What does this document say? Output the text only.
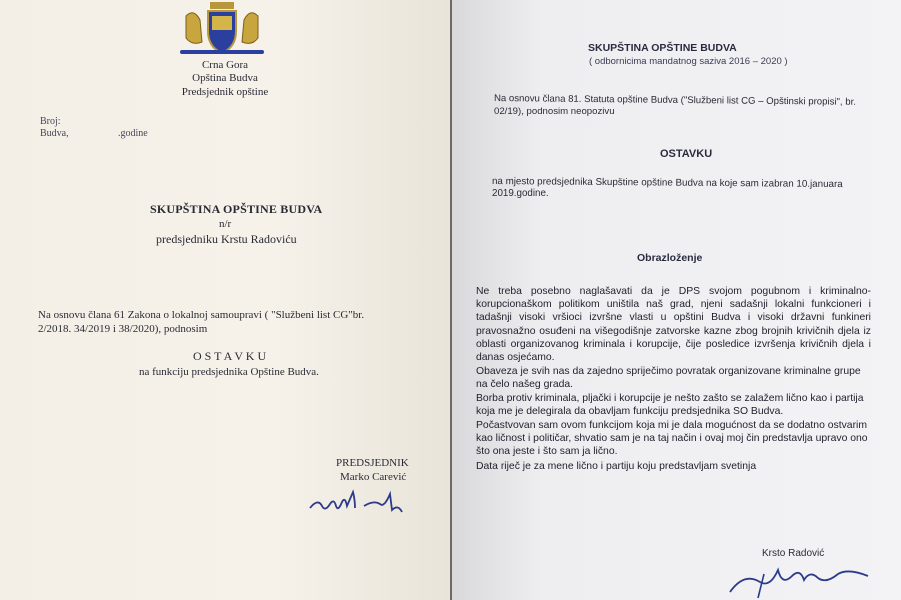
Crna Gora
Opština Budva
Predsjednik opštine
Broj:
Budva,	.godine
SKUPŠTINA OPŠTINE BUDVA
n/r
predsjedniku Krstu Radoviću
Na osnovu člana 61 Zakona o lokalnoj samoupravi ( "Službeni list CG"br.
2/2018. 34/2019 i 38/2020), podnosim
O S T A V K U
na funkciju predsjednika Opštine Budva.
PREDSJEDNIK
Marko Carević
SKUPŠTINA OPŠTINE BUDVA
( odbornicima mandatnog saziva 2016 – 2020 )
Na osnovu člana 81. Statuta opštine Budva ("Službeni list CG – Opštinski propisi", br.
02/19), podnosim neopozivu
OSTAVKU
na mjesto predsjednika Skupštine opštine Budva na koje sam izabran 10.januara
2019.godine.
Obrazloženje
Ne treba posebno naglašavati da je DPS svojom pogubnom i kriminalno-korupcionaškom politikom uništila naš grad, njeni sadašnji lokalni funkcioneri i tadašnji visoki vršioci izvršne vlasti u opštini Budva i visoki državni funkineri pravosnažno osuđeni na višegodišnje zatvorske kazne zbog brojnih krivičnih djela iz oblasti organizovanog kriminala i korupcije, čije posledice izvršenja krivičnih djela i danas osjećamo.
Obaveza je svih nas da zajedno spriječimo povratak organizovane kriminalne grupe na čelo našeg grada.
Borba protiv kriminala, pljački i korupcije je nešto zašto se zalažem lično kao i partija koja me je delegirala da obavljam funkciju predsjednika SO Budva.
Počastvovan sam ovom funkcijom koja mi je dala mogućnost da se dodatno ostvarim kao ličnost i političar, shvatio sam je na taj način i ovaj moj čin predstavlja upravo ono što ona jeste i što sam ja lično.
Data riječ je za mene lično i partiju koju predstavljam svetinja
Krsto Radović
